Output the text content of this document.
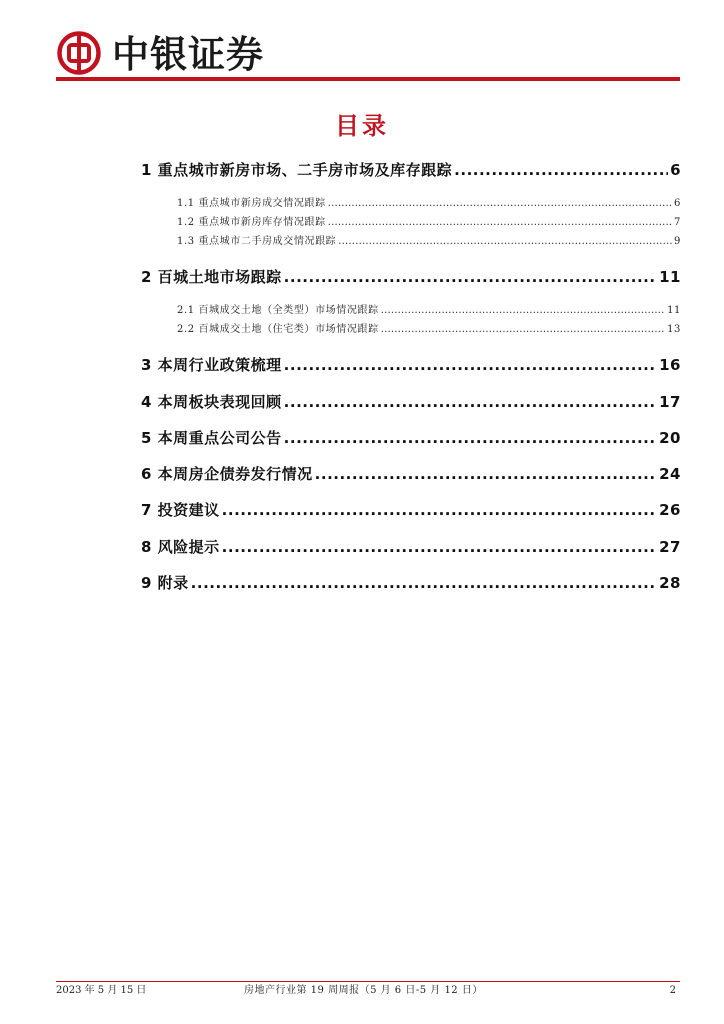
中银证券
目录
1 重点城市新房市场、二手房市场及库存跟踪 .....	6
1.1 重点城市新房成交情况跟踪 .....	6
1.2 重点城市新房库存情况跟踪 .....	7
1.3 重点城市二手房成交情况跟踪 .....	9
2 百城土地市场跟踪 .....	11
2.1 百城成交土地（全类型）市场情况跟踪 .....	11
2.2 百城成交土地（住宅类）市场情况跟踪 .....	13
3 本周行业政策梳理 .....	16
4 本周板块表现回顾 .....	17
5 本周重点公司公告 .....	20
6 本周房企债券发行情况 .....	24
7 投资建议 .....	26
8 风险提示 .....	27
9 附录 .....	28
2023 年 5 月 15 日	房地产行业第 19 周周报（5 月 6 日-5 月 12 日）	2
